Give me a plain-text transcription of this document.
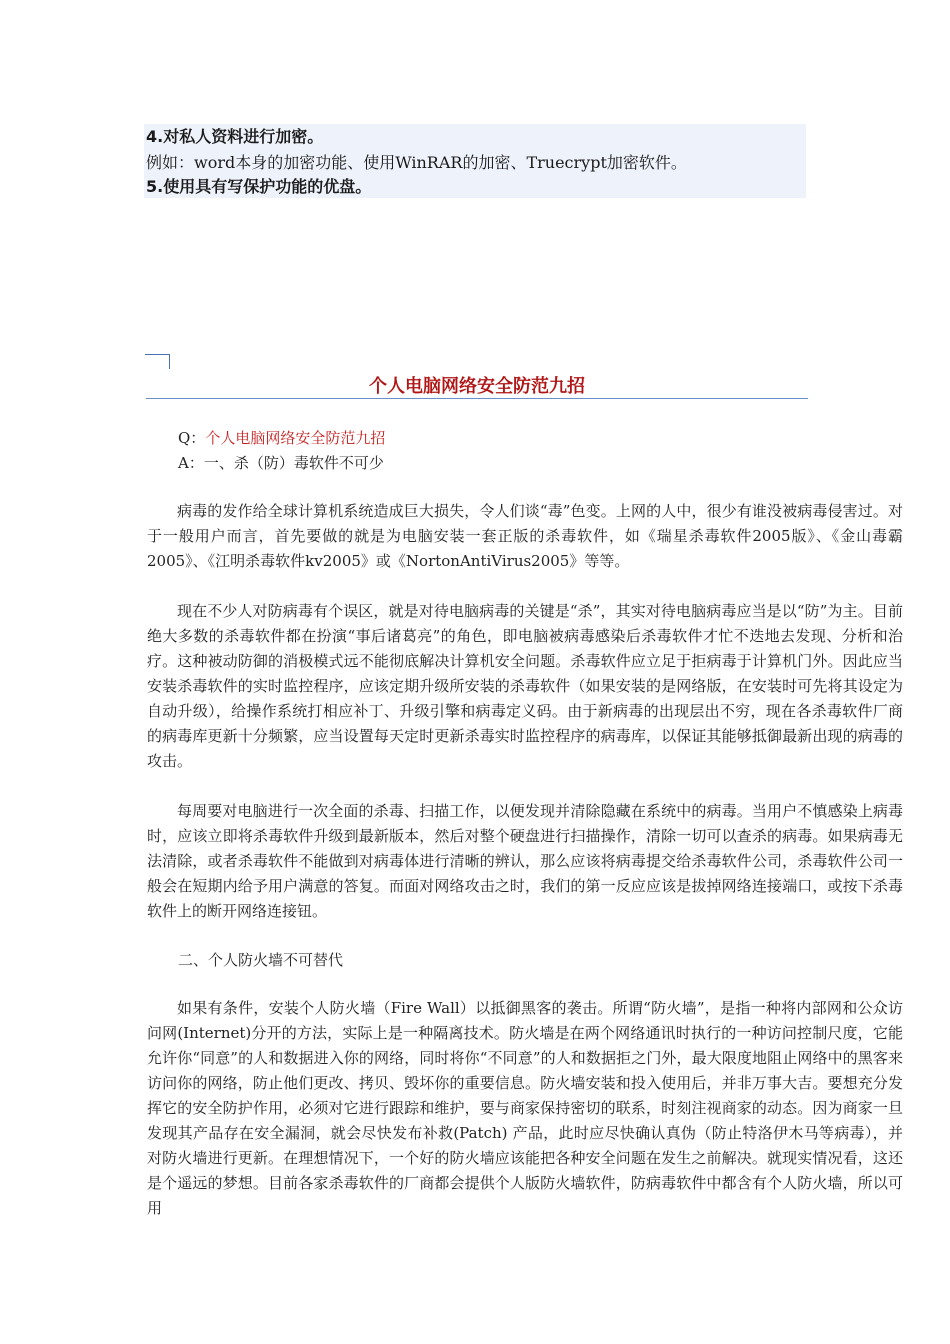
4.对私人资料进行加密。
例如：word本身的加密功能、使用WinRAR的加密、Truecrypt加密软件。
5.使用具有写保护功能的优盘。
个人电脑网络安全防范九招
Q：个人电脑网络安全防范九招
A：一、杀（防）毒软件不可少

病毒的发作给全球计算机系统造成巨大损失，令人们谈“毒”色变。上网的人中，很少有谁没被病毒侵害过。对于一般用户而言，首先要做的就是为电脑安装一套正版的杀毒软件，如《瑞星杀毒软件2005版》、《金山毒霸2005》、《江明杀毒软件kv2005》或《NortonAntiVirus2005》等等。

现在不少人对防病毒有个误区，就是对待电脑病毒的关键是“杀”，其实对待电脑病毒应当是以“防”为主。目前绝大多数的杀毒软件都在扮演“事后诸葛亮”的角色，即电脑被病毒感染后杀毒软件才忙不迭地去发现、分析和治疗。这种被动防御的消极模式远不能彻底解决计算机安全问题。杀毒软件应立足于拒病毒于计算机门外。因此应当安装杀毒软件的实时监控程序，应该定期升级所安装的杀毒软件（如果安装的是网络版，在安装时可先将其设定为自动升级），给操作系统打相应补丁、升级引擎和病毒定义码。由于新病毒的出现层出不穷，现在各杀毒软件厂商的病毒库更新十分频繁，应当设置每天定时更新杀毒实时监控程序的病毒库，以保证其能够抵御最新出现的病毒的攻击。

每周要对电脑进行一次全面的杀毒、扫描工作，以便发现并清除隐藏在系统中的病毒。当用户不慎感染上病毒时，应该立即将杀毒软件升级到最新版本，然后对整个硬盘进行扫描操作，清除一切可以查杀的病毒。如果病毒无法清除，或者杀毒软件不能做到对病毒体进行清晰的辨认，那么应该将病毒提交给杀毒软件公司，杀毒软件公司一般会在短期内给予用户满意的答复。而面对网络攻击之时，我们的第一反应应该是拔掉网络连接端口，或按下杀毒软件上的断开网络连接钮。

二、个人防火墙不可替代

如果有条件，安装个人防火墙（Fire Wall）以抵御黑客的袭击。所谓“防火墙”，是指一种将内部网和公众访问网(Internet)分开的方法，实际上是一种隔离技术。防火墙是在两个网络通讯时执行的一种访问控制尺度，它能允许你“同意”的人和数据进入你的网络，同时将你“不同意”的人和数据拒之门外，最大限度地阻止网络中的黑客来访问你的网络，防止他们更改、拷贝、毁坏你的重要信息。防火墙安装和投入使用后，并非万事大吉。要想充分发挥它的安全防护作用，必须对它进行跟踪和维护，要与商家保持密切的联系，时刻注视商家的动态。因为商家一旦发现其产品存在安全漏洞，就会尽快发布补救(Patch) 产品，此时应尽快确认真伪（防止特洛伊木马等病毒），并对防火墙进行更新。在理想情况下，一个好的防火墙应该能把各种安全问题在发生之前解决。就现实情况看，这还是个遥远的梦想。目前各家杀毒软件的厂商都会提供个人版防火墙软件，防病毒软件中都含有个人防火墙，所以可用
